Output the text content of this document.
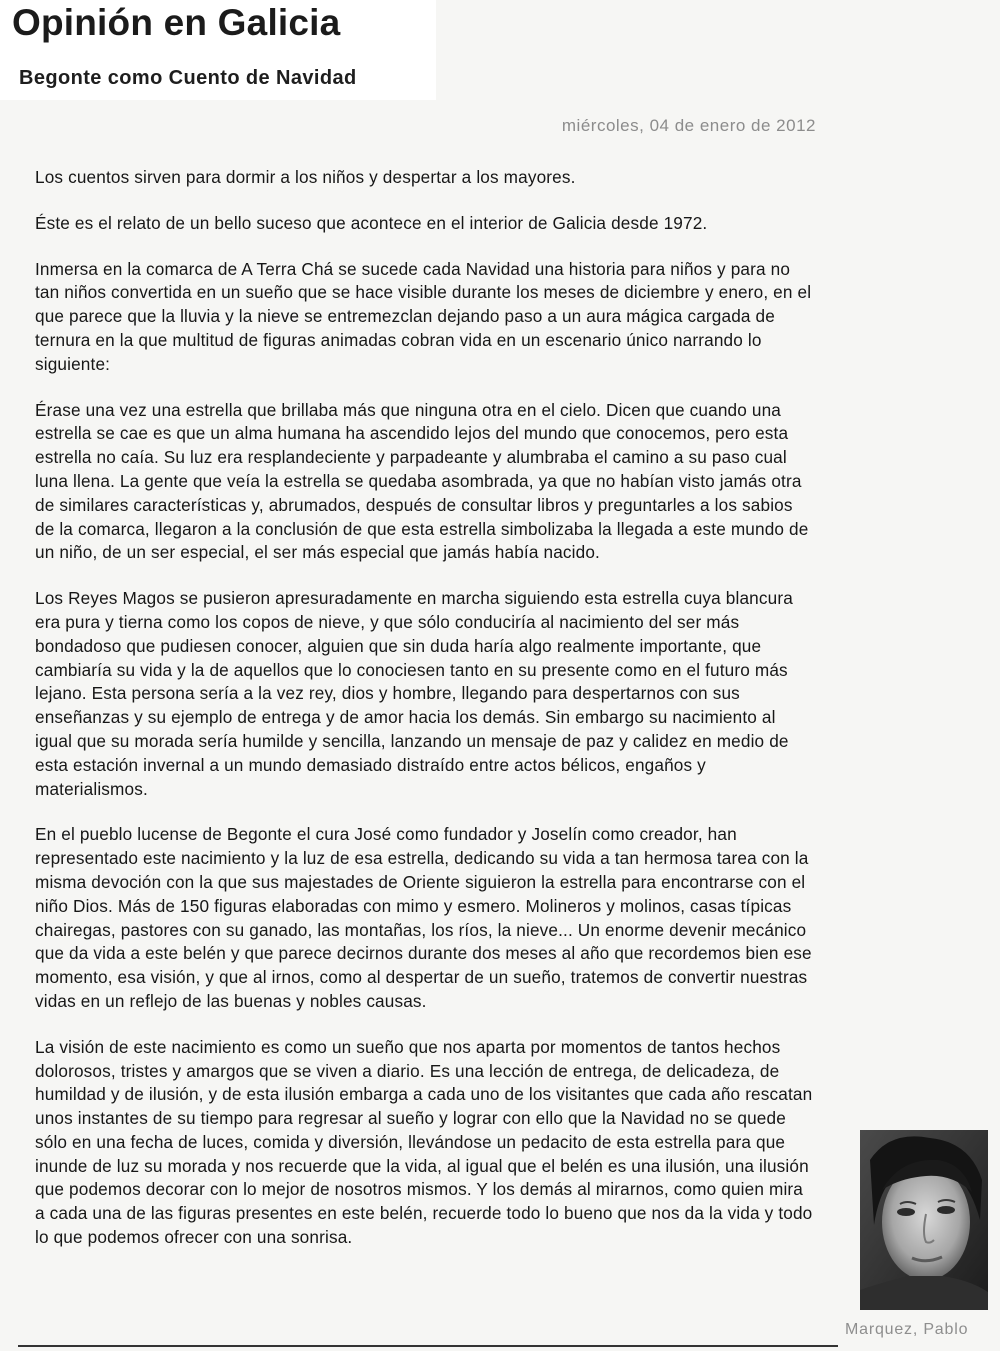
Opinión en Galicia
Begonte como Cuento de Navidad
miércoles, 04 de enero de 2012

Los cuentos sirven para dormir a los niños y despertar a los mayores.

Éste es el relato de un bello suceso que acontece en el interior de Galicia desde 1972.

Inmersa en la comarca de A Terra Chá se sucede cada Navidad una historia para niños y para no tan niños convertida en un sueño que se hace visible durante los meses de diciembre y enero, en el que parece que la lluvia y la nieve se entremezclan dejando paso a un aura mágica cargada de ternura en la que multitud de figuras animadas cobran vida en un escenario único narrando lo siguiente:

Érase una vez una estrella que brillaba más que ninguna otra en el cielo. Dicen que cuando una estrella se cae es que un alma humana ha ascendido lejos del mundo que conocemos, pero esta estrella no caía. Su luz era resplandeciente y parpadeante y alumbraba el camino a su paso cual luna llena. La gente que veía la estrella se quedaba asombrada, ya que no habían visto jamás otra de similares características y, abrumados, después de consultar libros y preguntarles a los sabios de la comarca, llegaron a la conclusión de que esta estrella simbolizaba la llegada a este mundo de un niño, de un ser especial, el ser más especial que jamás había nacido.

Los Reyes Magos se pusieron apresuradamente en marcha siguiendo esta estrella cuya blancura era pura y tierna como los copos de nieve, y que sólo conduciría al nacimiento del ser más bondadoso que pudiesen conocer, alguien que sin duda haría algo realmente importante, que cambiaría su vida y la de aquellos que lo conociesen tanto en su presente como en el futuro más lejano. Esta persona sería a la vez rey, dios y hombre, llegando para despertarnos con sus enseñanzas y su ejemplo de entrega y de amor hacia los demás. Sin embargo su nacimiento al igual que su morada sería humilde y sencilla, lanzando un mensaje de paz y calidez en medio de esta estación invernal a un mundo demasiado distraído entre actos bélicos, engaños y materialismos.

En el pueblo lucense de Begonte el cura José como fundador y Joselín como creador, han representado este nacimiento y la luz de esa estrella, dedicando su vida a tan hermosa tarea con la misma devoción con la que sus majestades de Oriente siguieron la estrella para encontrarse con el niño Dios. Más de 150 figuras elaboradas con mimo y esmero. Molineros y molinos, casas típicas chairegas, pastores con su ganado, las montañas, los ríos, la nieve... Un enorme devenir mecánico que da vida a este belén y que parece decirnos durante dos meses al año que recordemos bien ese momento, esa visión, y que al irnos, como al despertar de un sueño, tratemos de convertir nuestras vidas en un reflejo de las buenas y nobles causas.

La visión de este nacimiento es como un sueño que nos aparta por momentos de tantos hechos dolorosos, tristes y amargos que se viven a diario. Es una lección de entrega, de delicadeza, de humildad y de ilusión, y de esta ilusión embarga a cada uno de los visitantes que cada año rescatan unos instantes de su tiempo para regresar al sueño y lograr con ello que la Navidad no se quede sólo en una fecha de luces, comida y diversión, llevándose un pedacito de esta estrella para que inunde de luz su morada y nos recuerde que la vida, al igual que el belén es una ilusión, una ilusión que podemos decorar con lo mejor de nosotros mismos. Y los demás al mirarnos, como quien mira a cada una de las figuras presentes en este belén, recuerde todo lo bueno que nos da la vida y todo lo que podemos ofrecer con una sonrisa.

Marquez, Pablo
